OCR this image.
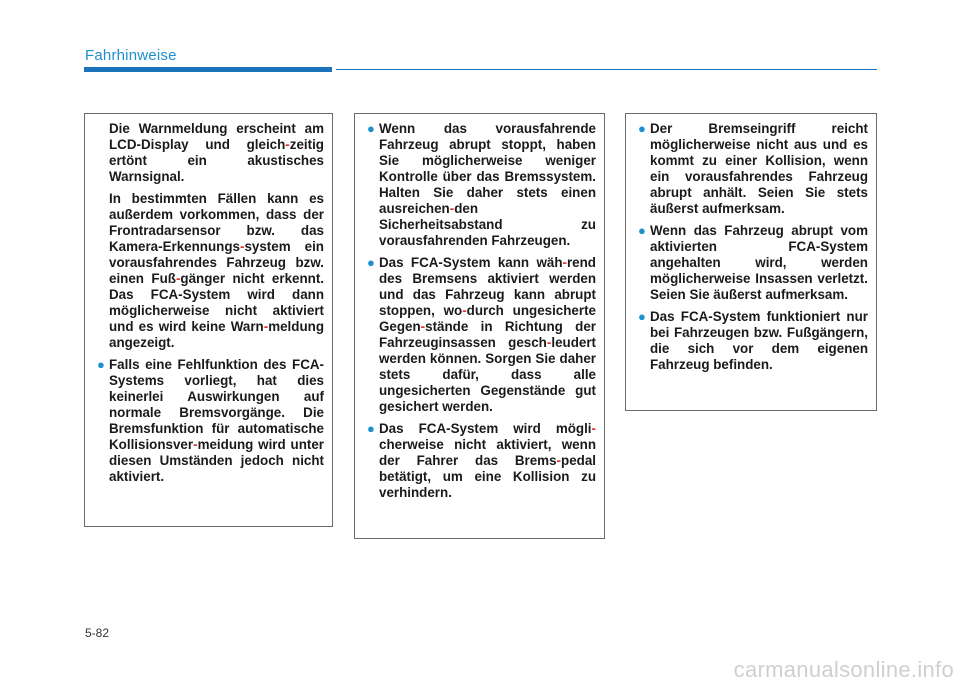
Fahrhinweise

Die Warnmeldung erscheint am LCD-Display und gleich-zeitig ertönt ein akustisches Warnsignal.

In bestimmten Fällen kann es außerdem vorkommen, dass der Frontradarsensor bzw. das Kamera-Erkennungs-system ein vorausfahrendes Fahrzeug bzw. einen Fuß-gänger nicht erkennt. Das FCA-System wird dann möglicherweise nicht aktiviert und es wird keine Warn-meldung angezeigt.

● Falls eine Fehlfunktion des FCA-Systems vorliegt, hat dies keinerlei Auswirkungen auf normale Bremsvorgänge. Die Bremsfunktion für automatische Kollisionsver-meidung wird unter diesen Umständen jedoch nicht aktiviert.

● Wenn das vorausfahrende Fahrzeug abrupt stoppt, haben Sie möglicherweise weniger Kontrolle über das Bremssystem. Halten Sie daher stets einen ausreichen-den Sicherheitsabstand zu vorausfahrenden Fahrzeugen.

● Das FCA-System kann wäh-rend des Bremsens aktiviert werden und das Fahrzeug kann abrupt stoppen, wo-durch ungesicherte Gegen-stände in Richtung der Fahrzeuginsassen gesch-leudert werden können. Sorgen Sie daher stets dafür, dass alle ungesicherten Gegenstände gut gesichert werden.

● Das FCA-System wird mögli-cherweise nicht aktiviert, wenn der Fahrer das Brems-pedal betätigt, um eine Kollision zu verhindern.

● Der Bremseingriff reicht möglicherweise nicht aus und es kommt zu einer Kollision, wenn ein vorausfahrendes Fahrzeug abrupt anhält. Seien Sie stets äußerst aufmerksam.

● Wenn das Fahrzeug abrupt vom aktivierten FCA-System angehalten wird, werden möglicherweise Insassen verletzt. Seien Sie äußerst aufmerksam.

● Das FCA-System funktioniert nur bei Fahrzeugen bzw. Fußgängern, die sich vor dem eigenen Fahrzeug befinden.

5-82
carmanualsonline.info
